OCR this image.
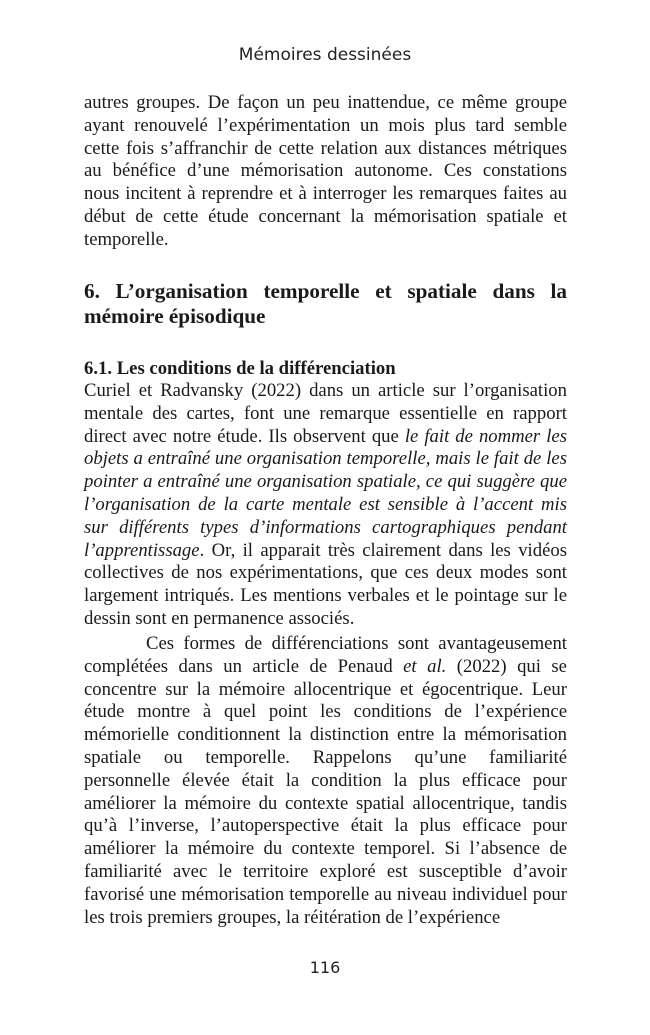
Mémoires dessinées

autres groupes. De façon un peu inattendue, ce même groupe ayant renouvelé l’expérimentation un mois plus tard semble cette fois s’affranchir de cette relation aux distances métriques au bénéfice d’une mémorisation autonome. Ces constations nous incitent à reprendre et à interroger les remarques faites au début de cette étude concernant la mémorisation spatiale et temporelle.

6. L’organisation temporelle et spatiale dans la mémoire épisodique
6.1. Les conditions de la différenciation

Curiel et Radvansky (2022) dans un article sur l’organisation mentale des cartes, font une remarque essentielle en rapport direct avec notre étude. Ils observent que le fait de nommer les objets a entraîné une organisation temporelle, mais le fait de les pointer a entraîné une organisation spatiale, ce qui suggère que l’organisation de la carte mentale est sensible à l’accent mis sur différents types d’informations cartographiques pendant l’apprentissage. Or, il apparait très clairement dans les vidéos collectives de nos expérimentations, que ces deux modes sont largement intriqués. Les mentions verbales et le pointage sur le dessin sont en permanence associés.

Ces formes de différenciations sont avantageusement complétées dans un article de Penaud et al. (2022) qui se concentre sur la mémoire allocentrique et égocentrique. Leur étude montre à quel point les conditions de l’expérience mémorielle conditionnent la distinction entre la mémorisation spatiale ou temporelle. Rappelons qu’une familiarité personnelle élevée était la condition la plus efficace pour améliorer la mémoire du contexte spatial allocentrique, tandis qu’à l’inverse, l’autoperspective était la plus efficace pour améliorer la mémoire du contexte temporel. Si l’absence de familiarité avec le territoire exploré est susceptible d’avoir favorisé une mémorisation temporelle au niveau individuel pour les trois premiers groupes, la réitération de l’expérience

116
